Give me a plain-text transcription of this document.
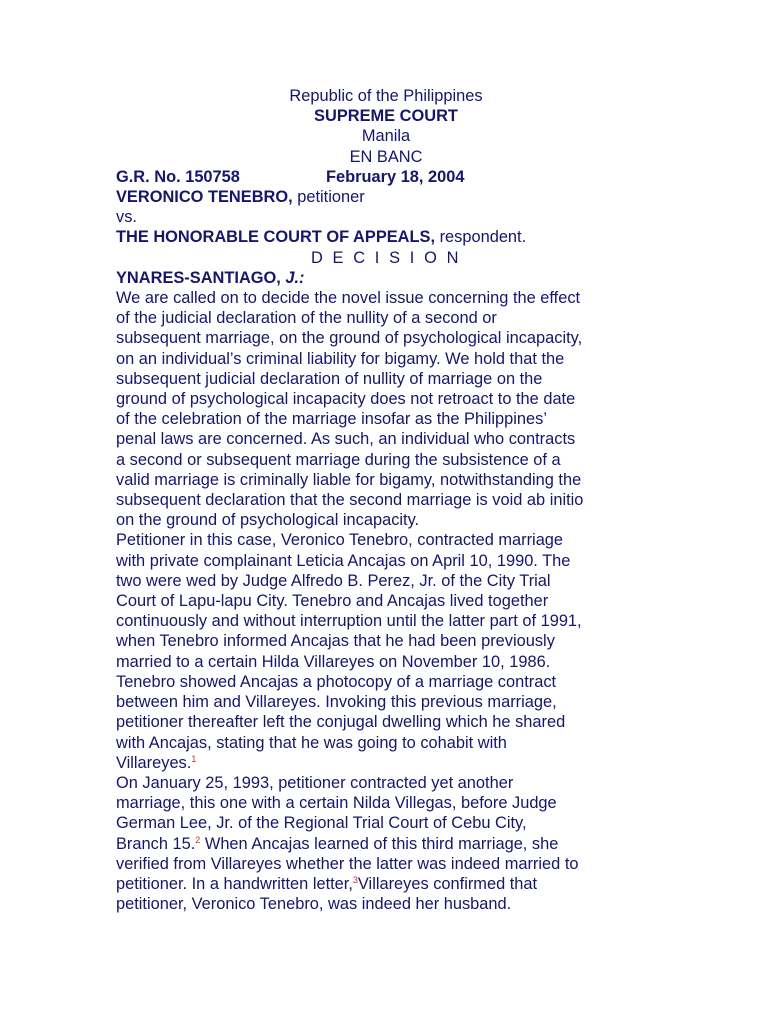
Republic of the Philippines
SUPREME COURT
Manila
EN BANC
G.R. No. 150758	February 18, 2004
VERONICO TENEBRO, petitioner
vs.
THE HONORABLE COURT OF APPEALS, respondent.
D E C I S I O N
YNARES-SANTIAGO, J.:
We are called on to decide the novel issue concerning the effect
of the judicial declaration of the nullity of a second or
subsequent marriage, on the ground of psychological incapacity,
on an individual’s criminal liability for bigamy. We hold that the
subsequent judicial declaration of nullity of marriage on the
ground of psychological incapacity does not retroact to the date
of the celebration of the marriage insofar as the Philippines’
penal laws are concerned. As such, an individual who contracts
a second or subsequent marriage during the subsistence of a
valid marriage is criminally liable for bigamy, notwithstanding the
subsequent declaration that the second marriage is void ab initio
on the ground of psychological incapacity.
Petitioner in this case, Veronico Tenebro, contracted marriage
with private complainant Leticia Ancajas on April 10, 1990. The
two were wed by Judge Alfredo B. Perez, Jr. of the City Trial
Court of Lapu-lapu City. Tenebro and Ancajas lived together
continuously and without interruption until the latter part of 1991,
when Tenebro informed Ancajas that he had been previously
married to a certain Hilda Villareyes on November 10, 1986.
Tenebro showed Ancajas a photocopy of a marriage contract
between him and Villareyes. Invoking this previous marriage,
petitioner thereafter left the conjugal dwelling which he shared
with Ancajas, stating that he was going to cohabit with
Villareyes.$^1$
On January 25, 1993, petitioner contracted yet another
marriage, this one with a certain Nilda Villegas, before Judge
German Lee, Jr. of the Regional Trial Court of Cebu City,
Branch 15.$^2$ When Ancajas learned of this third marriage, she
verified from Villareyes whether the latter was indeed married to
petitioner. In a handwritten letter,$^3$Villareyes confirmed that
petitioner, Veronico Tenebro, was indeed her husband.
